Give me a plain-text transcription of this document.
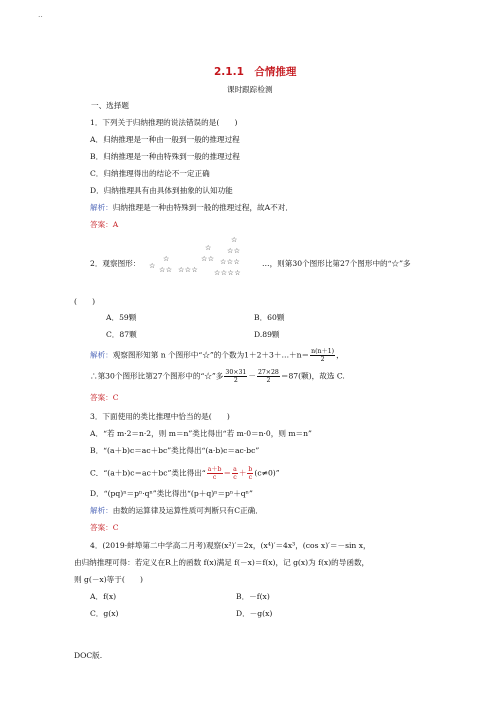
..
2.1.1　合情推理
课时跟踪检测
一、选择题
1．下列关于归纳推理的说法错误的是(　　)
A．归纳推理是一种由一般到一般的推理过程
B．归纳推理是一种由特殊到一般的推理过程
C．归纳推理得出的结论不一定正确
D．归纳推理具有由具体到抽象的认知功能
解析：归纳推理是一种由特殊到一般的推理过程，故A不对．
答案：A
2．观察图形： ☆
☆
☆☆
☆
☆☆
☆☆☆
☆
☆☆
☆☆☆
☆☆☆☆
…，则第30个图形比第27个图形中的“☆”多
(　　)
A．59颗	B．60颗
C．87颗	D.89颗
解析：观察图形知第 n 个图形中“☆”的个数为1＋2＋3＋…＋n＝ $\frac{n(n+1)}{2}$ ，
∴第30个图形比第27个图形中的“☆”多 $\frac{30\times 31}{2} - \frac{27\times 28}{2} =87$(颗)，故选 C.
答案：C
3．下面使用的类比推理中恰当的是(　　)
A．“若 m·2＝n·2，则 m＝n”类比得出“若 m·0＝n·0，则 m＝n”
B．“(a＋b)c＝ac＋bc”类比得出“(a·b)c＝ac·bc”
C．“(a＋b)c＝ac＋bc”类比得出“ $\frac{a+b}{c} = \frac{a}{c} + \frac{b}{c} (c\ne 0)$”
D．“(pq)ⁿ＝pⁿ·qⁿ”类比得出“(p＋q)ⁿ＝pⁿ＋qⁿ”
解析：由数的运算律及运算性质可判断只有C正确．
答案：C
4．(2019·蚌埠第二中学高二月考)观察(x²)′＝2x，(x⁴)′＝4x³，(cos x)′＝－sin x，
由归纳推理可得：若定义在R上的函数 f(x)满足 f(－x)＝f(x)，记 g(x)为 f(x)的导函数，
则 g(－x)等于(　　)
A．f(x)	B．－f(x)
C．g(x)	D．－g(x)
DOC版.
